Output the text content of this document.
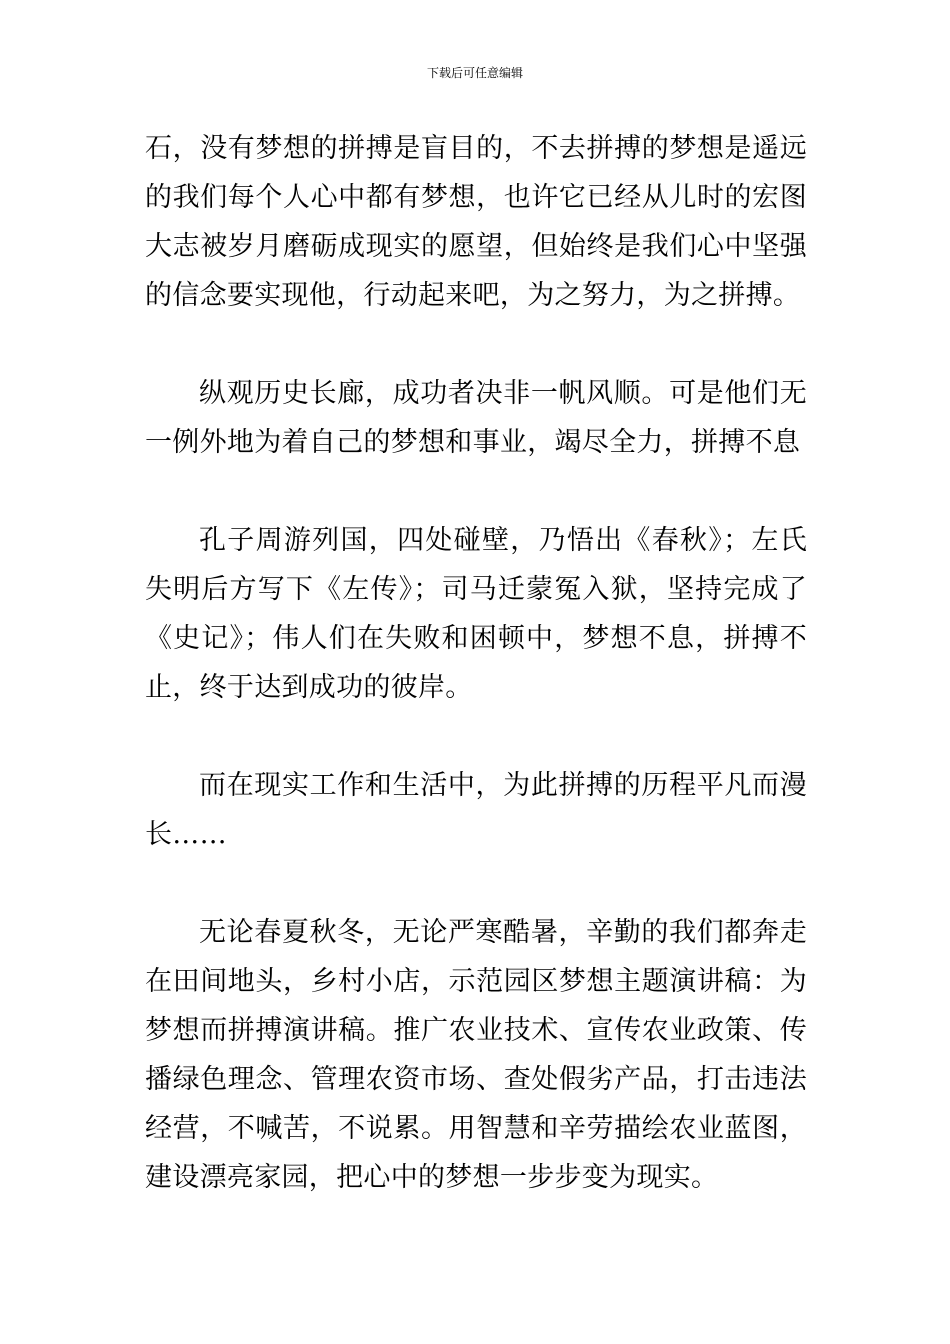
下载后可任意编辑

石，没有梦想的拼搏是盲目的，不去拼搏的梦想是遥远的我们每个人心中都有梦想，也许它已经从儿时的宏图大志被岁月磨砺成现实的愿望，但始终是我们心中坚强的信念要实现他，行动起来吧，为之努力，为之拼搏。

纵观历史长廊，成功者决非一帆风顺。可是他们无一例外地为着自己的梦想和事业，竭尽全力，拼搏不息

孔子周游列国，四处碰壁，乃悟出《春秋》；左氏失明后方写下《左传》；司马迁蒙冤入狱，坚持完成了《史记》；伟人们在失败和困顿中，梦想不息，拼搏不止，终于达到成功的彼岸。

而在现实工作和生活中，为此拼搏的历程平凡而漫长……

无论春夏秋冬，无论严寒酷暑，辛勤的我们都奔走在田间地头，乡村小店，示范园区梦想主题演讲稿：为梦想而拼搏演讲稿。推广农业技术、宣传农业政策、传播绿色理念、管理农资市场、查处假劣产品，打击违法经营，不喊苦，不说累。用智慧和辛劳描绘农业蓝图，建设漂亮家园，把心中的梦想一步步变为现实。
